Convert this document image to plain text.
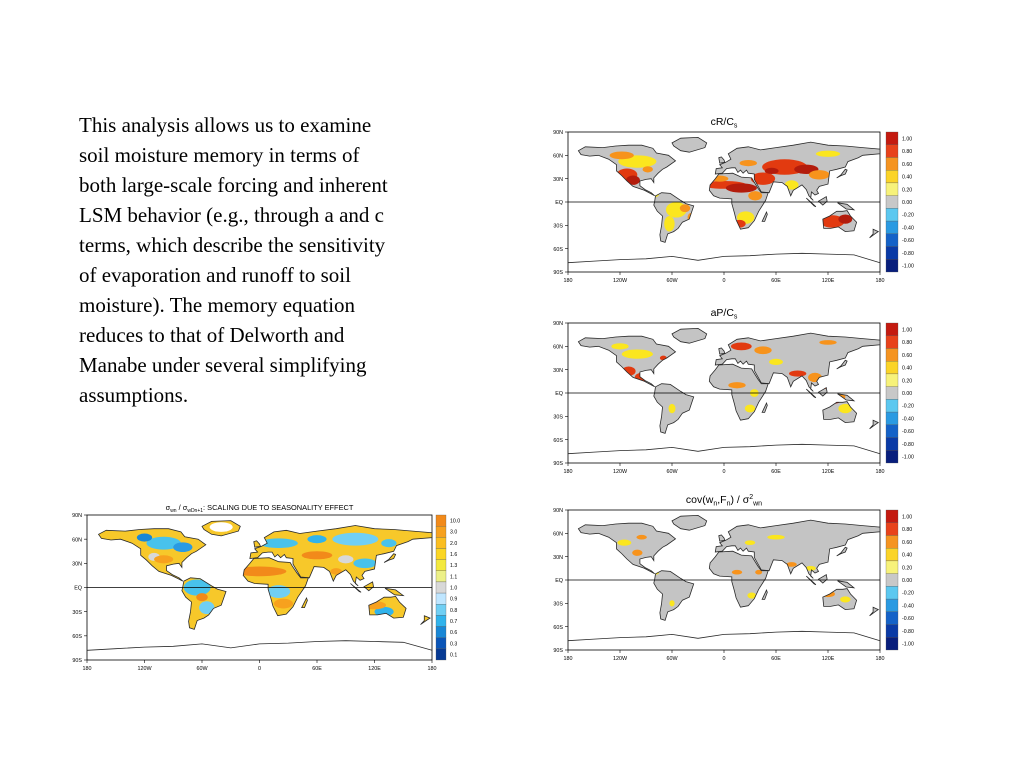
This analysis allows us to examine
soil moisture memory in terms of
both large-scale forcing and inherent
LSM behavior (e.g., through a and c
terms, which describe the sensitivity
of evaporation and runoff to soil
moisture). The memory equation
reduces to that of Delworth and
Manabe under several simplifying
assumptions.
$\sigma_{wn} / \sigma_{wDn+1}$: SCALING DUE TO SEASONALITY EFFECT
90N
60N
30N
EQ
30S
60S
90S
180	120W	60W	0	60E	120E	180
10.0
3.0
2.0
1.6
1.3
1.1
1.0
0.9
0.8
0.7
0.6
0.3
0.1
$cR/C_s$
90N
60N
30N
EQ
30S
60S
90S
180	120W	60W	0	60E	120E	180
1.00
0.80
0.60
0.40
0.20
0.00
-0.20
-0.40
-0.60
-0.80
-1.00
$aP/C_s$
90N
60N
30N
EQ
30S
60S
90S
180	120W	60W	0	60E	120E	180
1.00
0.80
0.60
0.40
0.20
0.00
-0.20
-0.40
-0.60
-0.80
-1.00
$cov(w_n,F_n) / \sigma^2_{wn}$
90N
60N
30N
EQ
30S
60S
90S
180	120W	60W	0	60E	120E	180
1.00
0.80
0.60
0.40
0.20
0.00
-0.20
-0.40
-0.60
-0.80
-1.00
